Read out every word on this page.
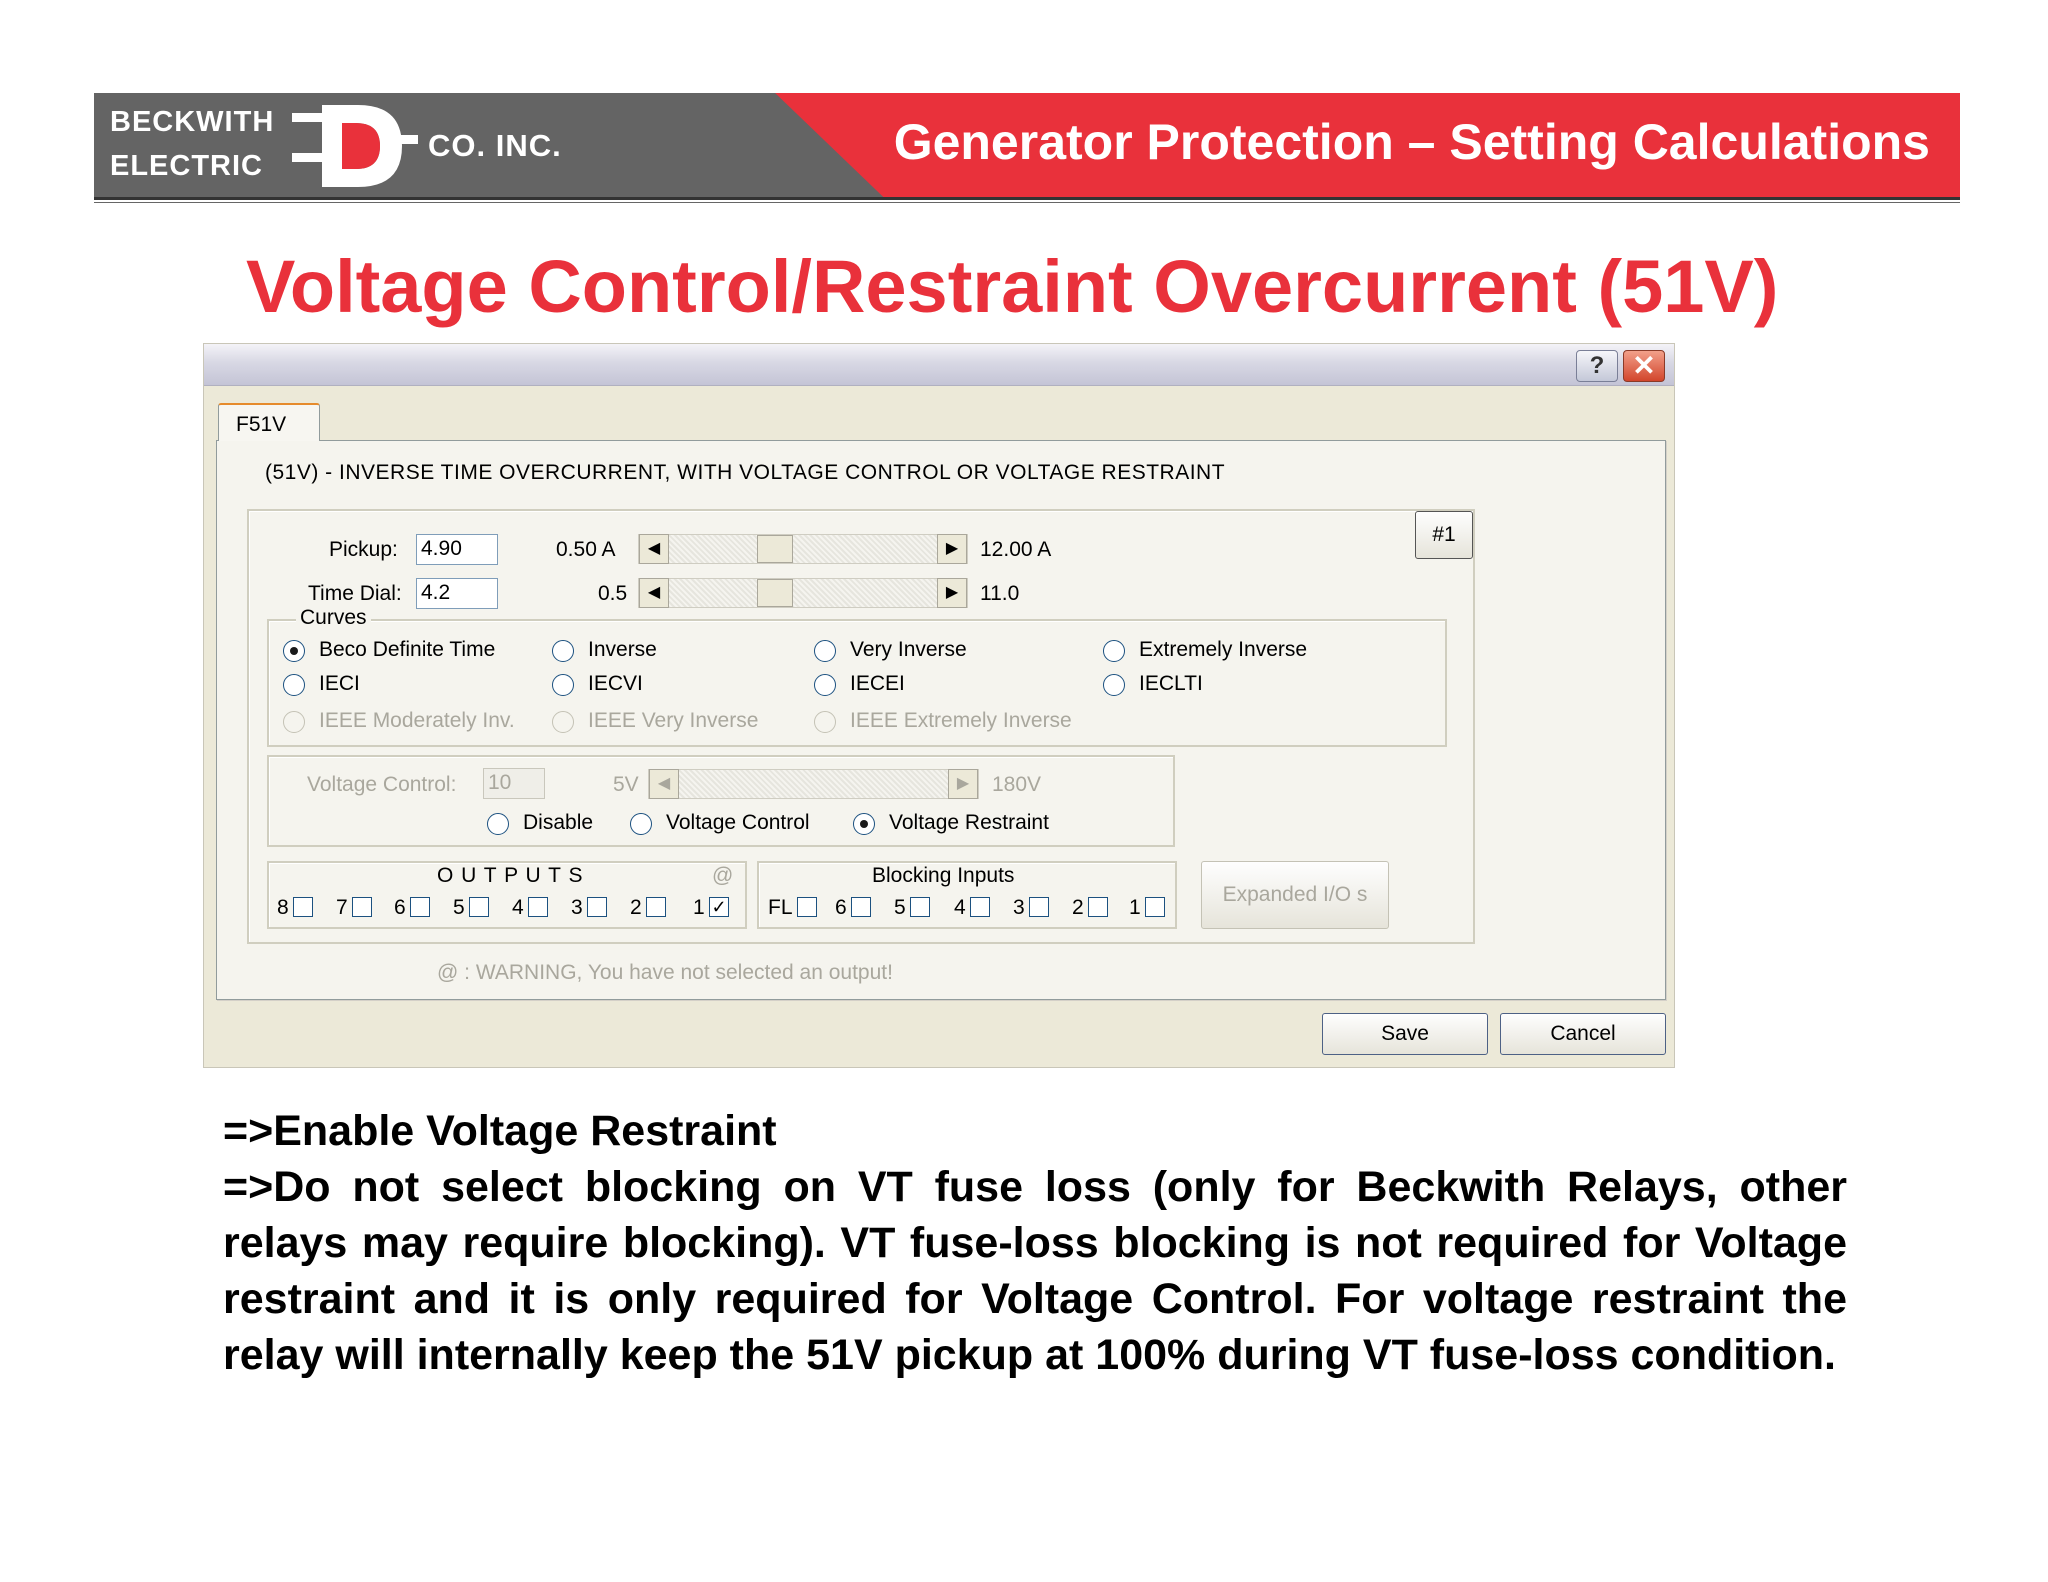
Generator Protection – Setting Calculations
BECKWITH
ELECTRIC
CO. INC.
Voltage Control/Restraint Overcurrent (51V)
? ✕
(51V) - INVERSE TIME OVERCURRENT, WITH VOLTAGE CONTROL OR VOLTAGE RESTRAINT
#1
Pickup: 4.90	0.50 A	◀	▶	12.00 A
Time Dial: 4.2	0.5	◀	▶	11.0
Curves
Beco Definite Time	Inverse	Very Inverse	Extremely Inverse
IECI	IECVI	IECEI	IECLTI
IEEE Moderately Inv.	IEEE Very Inverse	IEEE Extremely Inverse
Voltage Control: 10	5V	◀	▶	180V
Disable	Voltage Control	Voltage Restraint
O U T P U T S	@
8 7 6 5 4 3 2 1 ✓
Blocking Inputs
FL 6 5 4 3 2 1
Expanded I/O s
@ : WARNING, You have not selected an output!
F51V
Save	Cancel
=>Enable Voltage Restraint
=>Do not select blocking on VT fuse loss (only for Beckwith Relays, other relays may require blocking). VT fuse-loss blocking is not required for Voltage restraint and it is only required for Voltage Control. For voltage restraint the relay will internally keep the 51V pickup at 100% during VT fuse-loss condition.
